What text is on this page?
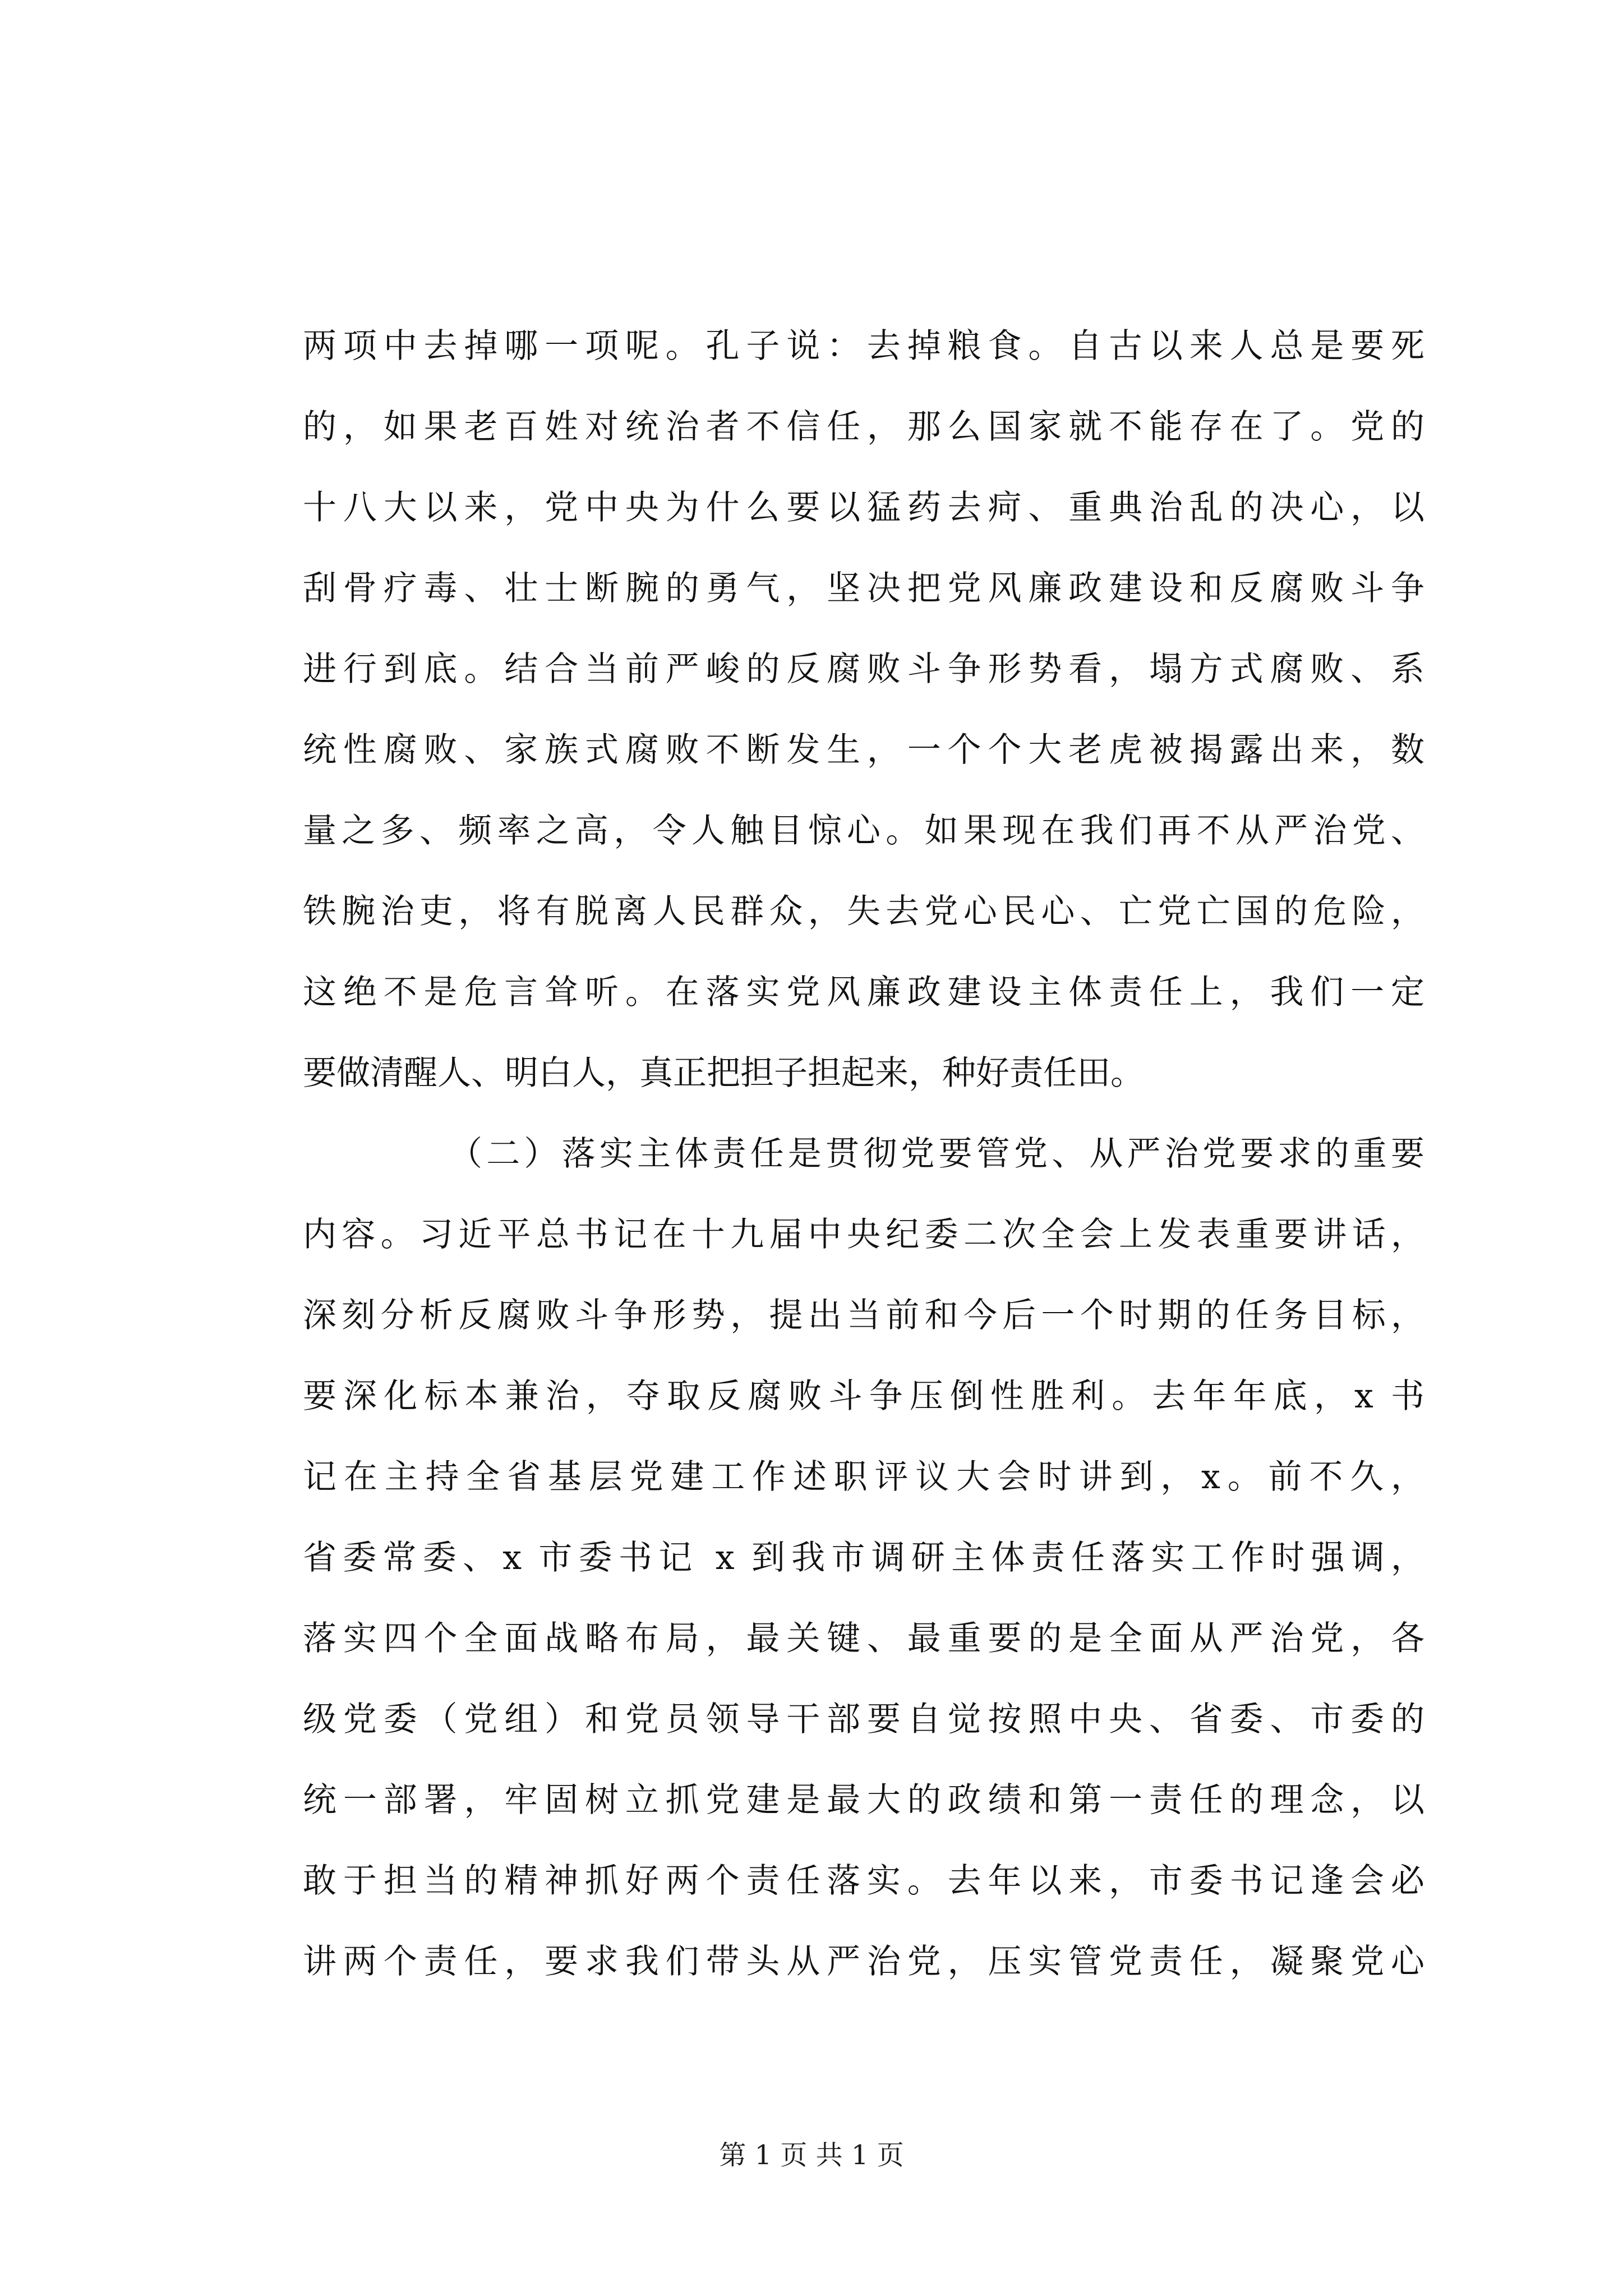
两项中去掉哪一项呢。孔子说：去掉粮食。自古以来人总是要死
的，如果老百姓对统治者不信任，那么国家就不能存在了。党的
十八大以来，党中央为什么要以猛药去疴、重典治乱的决心，以
刮骨疗毒、壮士断腕的勇气，坚决把党风廉政建设和反腐败斗争
进行到底。结合当前严峻的反腐败斗争形势看，塌方式腐败、系
统性腐败、家族式腐败不断发生，一个个大老虎被揭露出来，数
量之多、频率之高，令人触目惊心。如果现在我们再不从严治党、
铁腕治吏，将有脱离人民群众，失去党心民心、亡党亡国的危险，
这绝不是危言耸听。在落实党风廉政建设主体责任上，我们一定
要做清醒人、明白人，真正把担子担起来，种好责任田。
（二）落实主体责任是贯彻党要管党、从严治党要求的重要
内容。习近平总书记在十九届中央纪委二次全会上发表重要讲话，
深刻分析反腐败斗争形势，提出当前和今后一个时期的任务目标，
要深化标本兼治，夺取反腐败斗争压倒性胜利。去年年底，x 书
记在主持全省基层党建工作述职评议大会时讲到，x。前不久，
省委常委、x 市委书记 x 到我市调研主体责任落实工作时强调，
落实四个全面战略布局，最关键、最重要的是全面从严治党，各
级党委（党组）和党员领导干部要自觉按照中央、省委、市委的
统一部署，牢固树立抓党建是最大的政绩和第一责任的理念，以
敢于担当的精神抓好两个责任落实。去年以来，市委书记逢会必
讲两个责任，要求我们带头从严治党，压实管党责任，凝聚党心
第 1 页 共 1 页
